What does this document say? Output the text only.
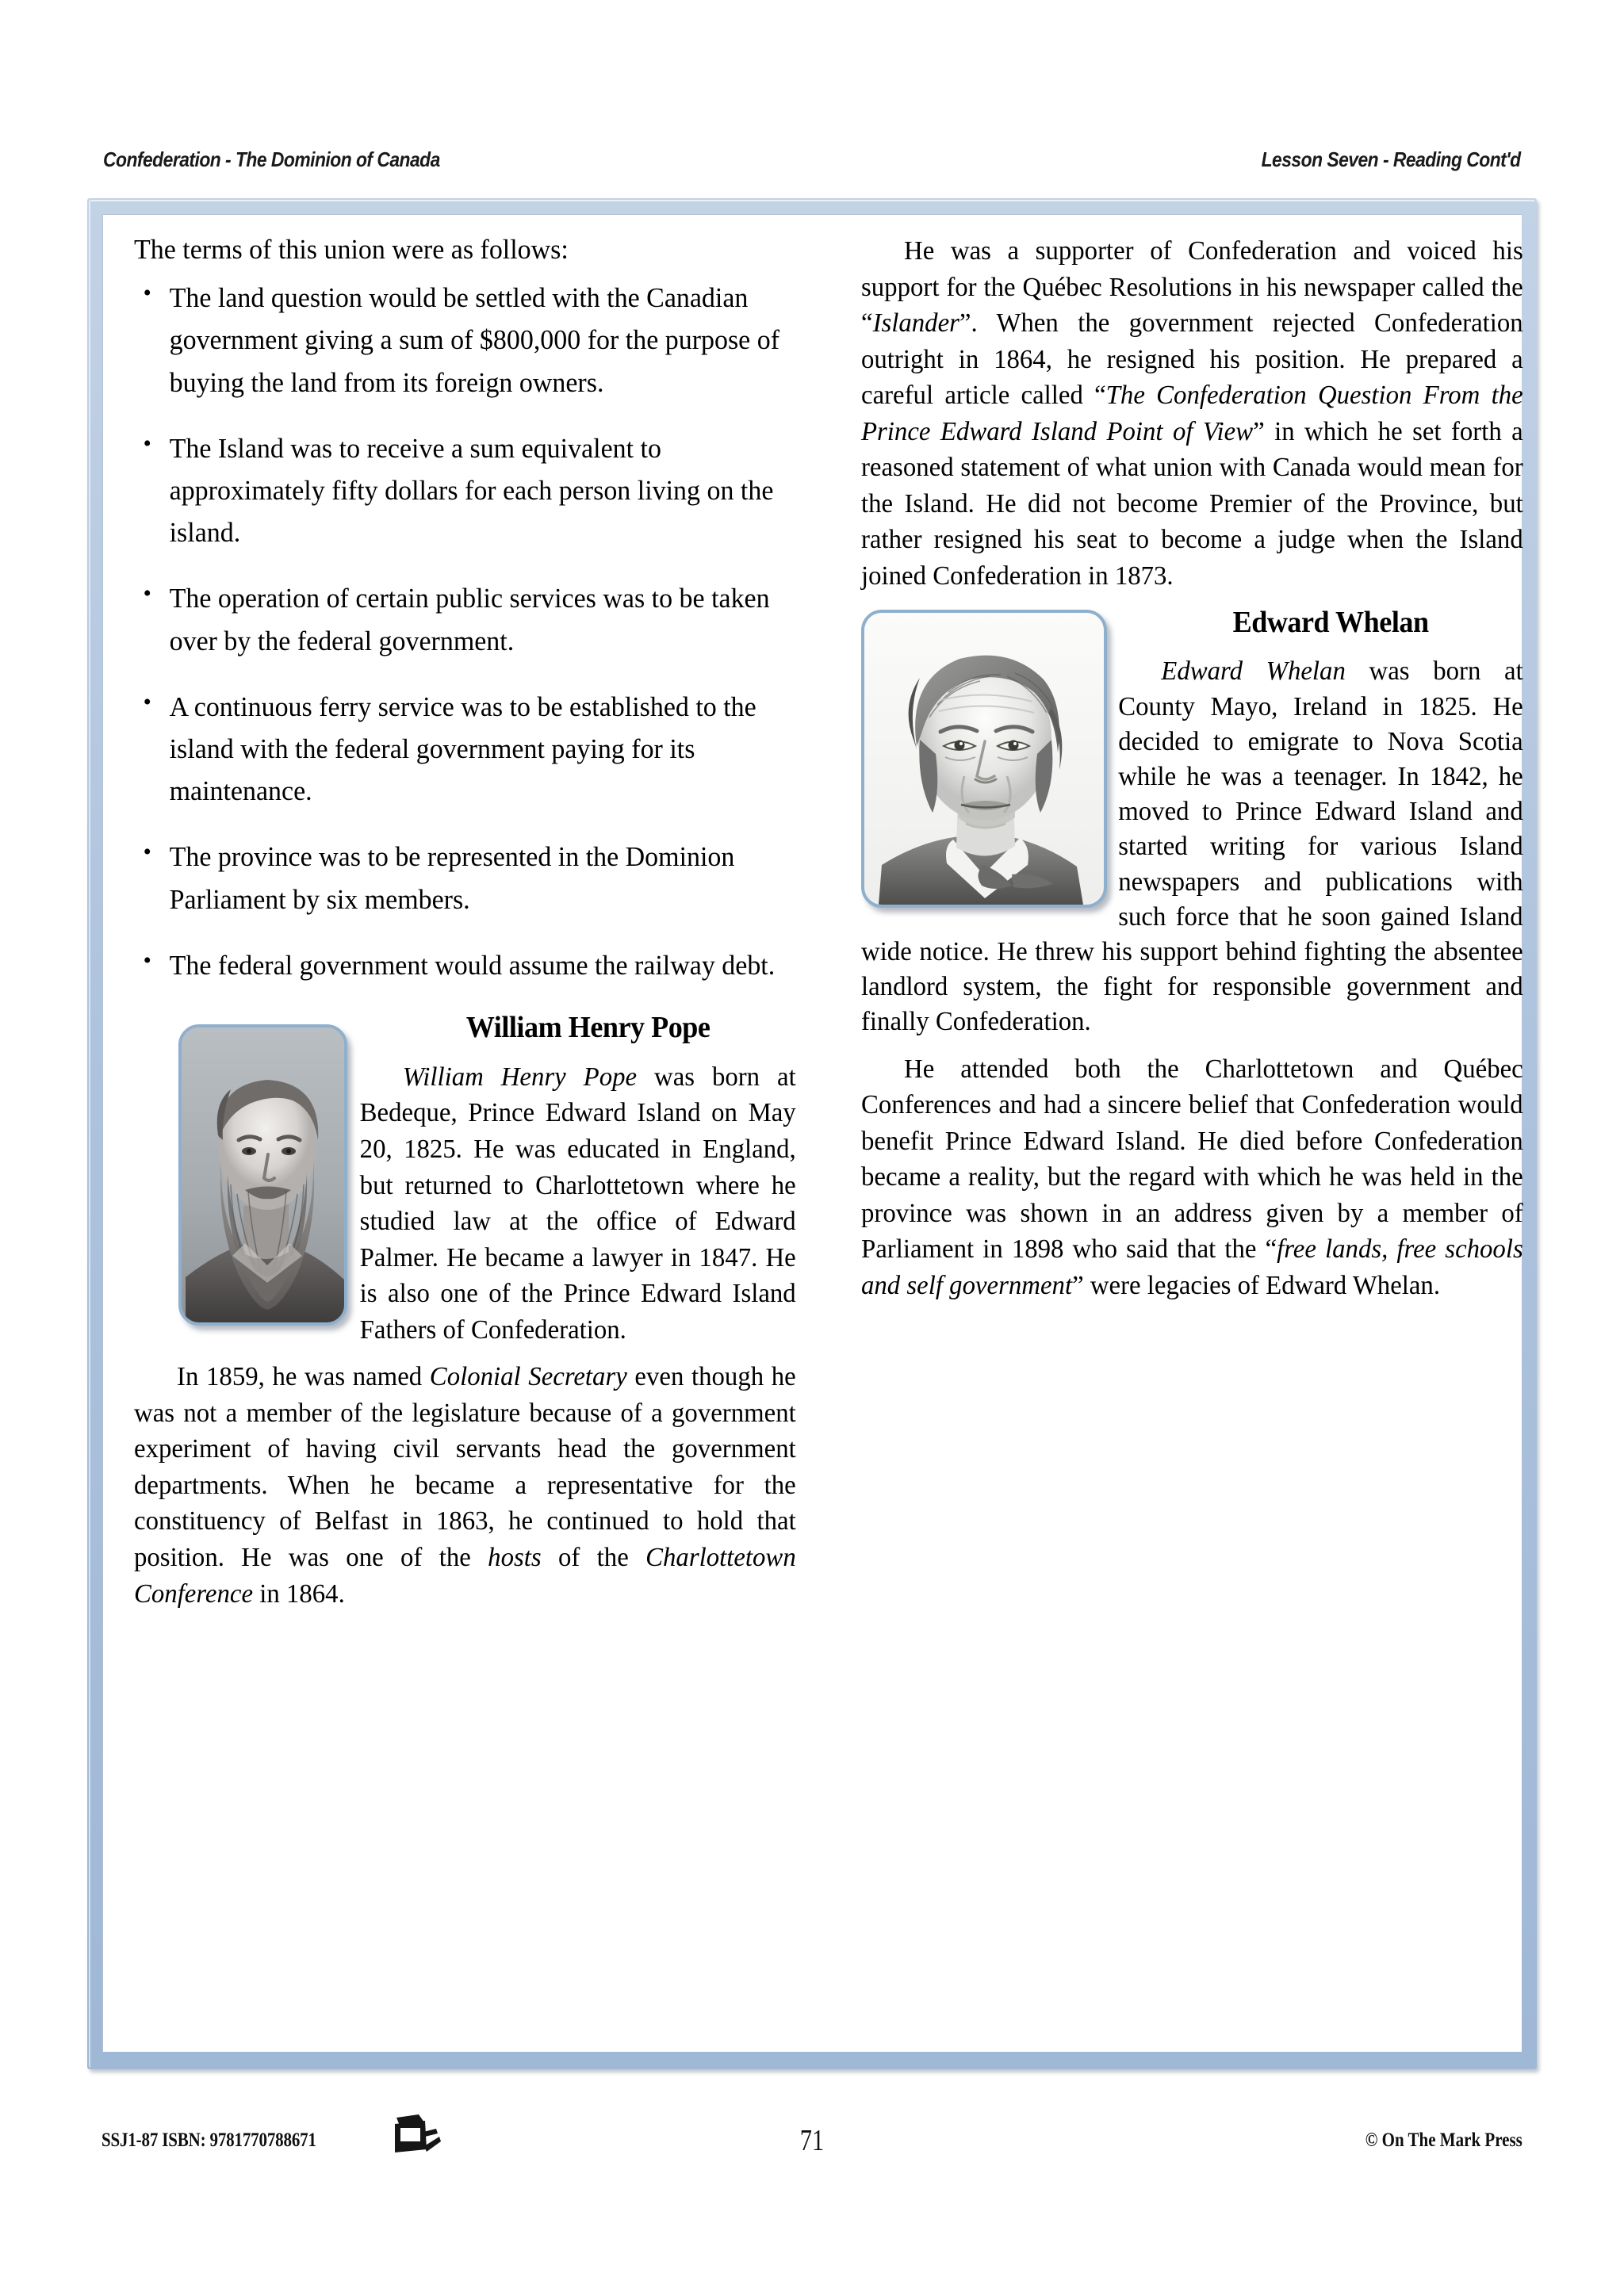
Confederation - The Dominion of Canada	Lesson Seven - Reading Cont'd

The terms of this union were as follows:

• The land question would be settled with the Canadian government giving a sum of $800,000 for the purpose of buying the land from its foreign owners.
• The Island was to receive a sum equivalent to approximately fifty dollars for each person living on the island.
• The operation of certain public services was to be taken over by the federal government.
• A continuous ferry service was to be established to the island with the federal government paying for its maintenance.
• The province was to be represented in the Dominion Parliament by six members.
• The federal government would assume the railway debt.
William Henry Pope

William Henry Pope was born at Bedeque, Prince Edward Island on May 20, 1825. He was educated in England, but returned to Charlottetown where he studied law at the office of Edward Palmer. He became a lawyer in 1847. He is also one of the Prince Edward Island Fathers of Confederation.

In 1859, he was named Colonial Secretary even though he was not a member of the legislature because of a government experiment of having civil servants head the government departments. When he became a representative for the constituency of Belfast in 1863, he continued to hold that position. He was one of the hosts of the Charlottetown Conference in 1864.

He was a supporter of Confederation and voiced his support for the Québec Resolutions in his newspaper called the “Islander”. When the government rejected Confederation outright in 1864, he resigned his position. He prepared a careful article called “The Confederation Question From the Prince Edward Island Point of View” in which he set forth a reasoned statement of what union with Canada would mean for the Island. He did not become Premier of the Province, but rather resigned his seat to become a judge when the Island joined Confederation in 1873.

Edward Whelan

Edward Whelan was born at County Mayo, Ireland in 1825. He decided to emigrate to Nova Scotia while he was a teenager. In 1842, he moved to Prince Edward Island and started writing for various Island newspapers and publications with such force that he soon gained Island wide notice. He threw his support behind fighting the absentee landlord system, the fight for responsible government and finally Confederation.

He attended both the Charlottetown and Québec Conferences and had a sincere belief that Confederation would benefit Prince Edward Island. He died before Confederation became a reality, but the regard with which he was held in the province was shown in an address given by a member of Parliament in 1898 who said that the “free lands, free schools and self government” were legacies of Edward Whelan.

SSJ1-87 ISBN: 9781770788671	71	© On The Mark Press
